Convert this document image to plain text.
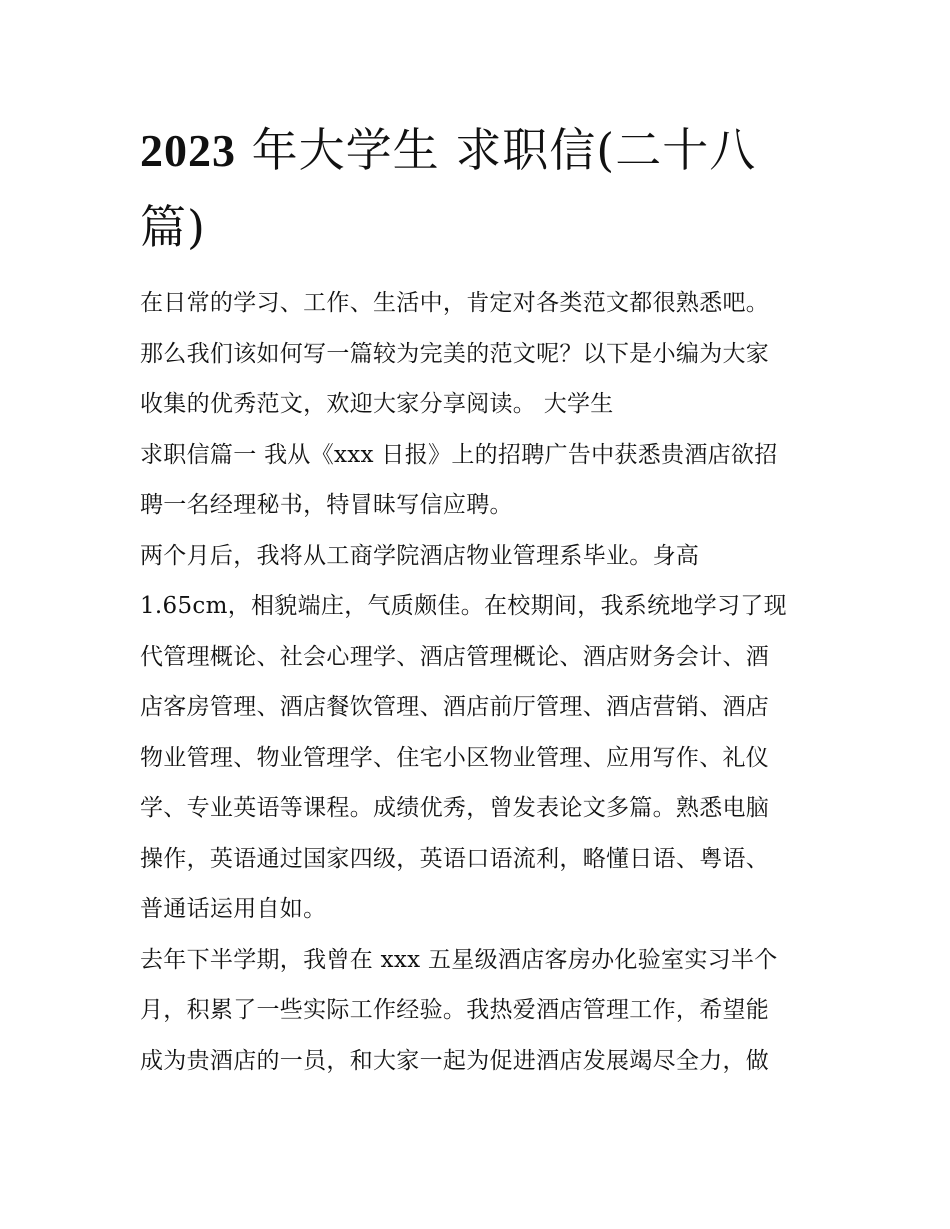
2023 年大学生 求职信(二十八篇)
在日常的学习、工作、生活中，肯定对各类范文都很熟悉吧。
那么我们该如何写一篇较为完美的范文呢？以下是小编为大家
收集的优秀范文，欢迎大家分享阅读。 大学生
求职信篇一 我从《xxx 日报》上的招聘广告中获悉贵酒店欲招
聘一名经理秘书，特冒昧写信应聘。
两个月后，我将从工商学院酒店物业管理系毕业。身高
1.65cm，相貌端庄，气质颇佳。在校期间，我系统地学习了现
代管理概论、社会心理学、酒店管理概论、酒店财务会计、酒
店客房管理、酒店餐饮管理、酒店前厅管理、酒店营销、酒店
物业管理、物业管理学、住宅小区物业管理、应用写作、礼仪
学、专业英语等课程。成绩优秀，曾发表论文多篇。熟悉电脑
操作，英语通过国家四级，英语口语流利，略懂日语、粤语、
普通话运用自如。
去年下半学期，我曾在 xxx 五星级酒店客房办化验室实习半个
月，积累了一些实际工作经验。我热爱酒店管理工作，希望能
成为贵酒店的一员，和大家一起为促进酒店发展竭尽全力，做
